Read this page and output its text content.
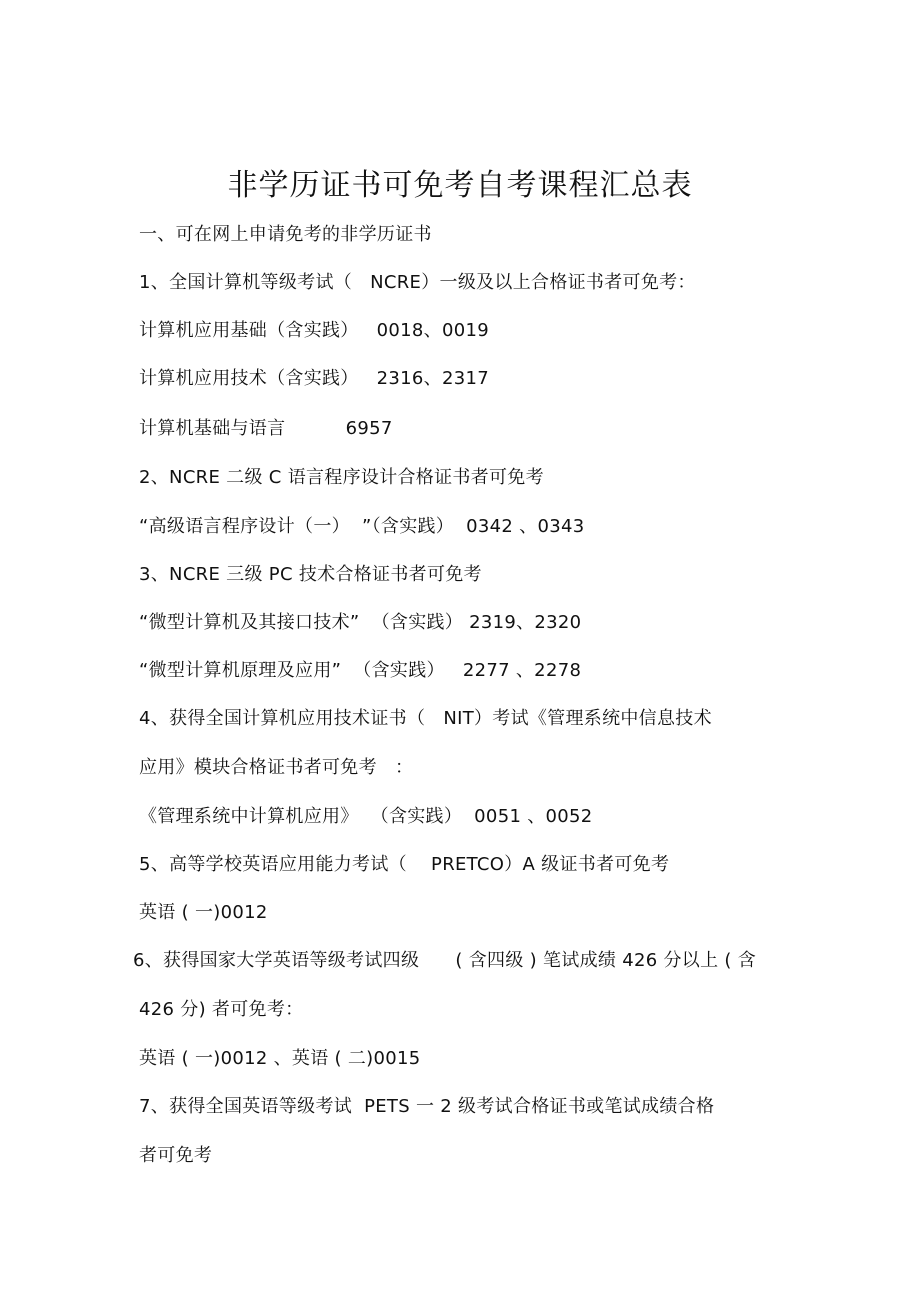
非学历证书可免考自考课程汇总表
一、可在网上申请免考的非学历证书
1、全国计算机等级考试（   NCRE）一级及以上合格证书者可免考：
计算机应用基础（含实践）   0018、0019
计算机应用技术（含实践）   2316、2317
计算机基础与语言          6957
2、NCRE 二级 C 语言程序设计合格证书者可免考
“高级语言程序设计（一）  ”（含实践）  0342 、0343
3、NCRE 三级 PC 技术合格证书者可免考
“微型计算机及其接口技术”  （含实践） 2319、2320
“微型计算机原理及应用”  （含实践）   2277 、2278
4、获得全国计算机应用技术证书（   NIT）考试《管理系统中信息技术
应用》模块合格证书者可免考   ：
《管理系统中计算机应用》  （含实践）  0051 、0052
5、高等学校英语应用能力考试（    PRETCO）A 级证书者可免考
英语 ( 一)0012
6、获得国家大学英语等级考试四级      ( 含四级 ) 笔试成绩 426 分以上 ( 含
426 分) 者可免考：
英语 ( 一)0012 、英语 ( 二)0015
7、获得全国英语等级考试  PETS 一 2 级考试合格证书或笔试成绩合格
者可免考
